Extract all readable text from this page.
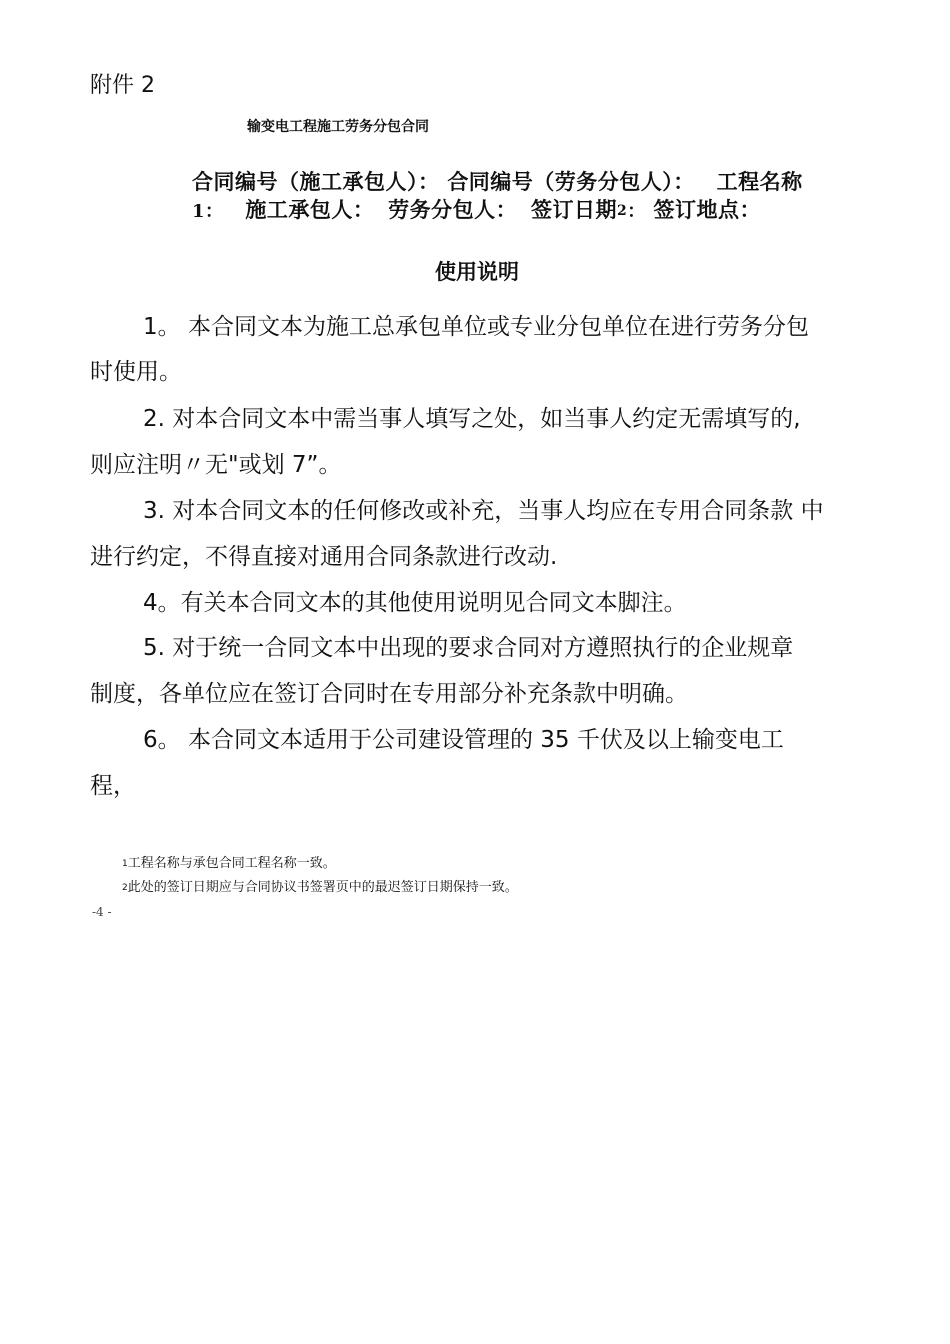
附件 2
输变电工程施工劳务分包合同
合同编号（施工承包人）： 合同编号（劳务分包人）： 工程名称
1： 施工承包人： 劳务分包人： 签订日期2： 签订地点：
使用说明
1。 本合同文本为施工总承包单位或专业分包单位在进行劳务分包
时使用。
2. 对本合同文本中需当事人填写之处，如当事人约定无需填写的,
则应注明〃无"或划 7”。
3. 对本合同文本的任何修改或补充，当事人均应在专用合同条款 中
进行约定，不得直接对通用合同条款进行改动.
4。有关本合同文本的其他使用说明见合同文本脚注。
5. 对于统一合同文本中出现的要求合同对方遵照执行的企业规章
制度，各单位应在签订合同时在专用部分补充条款中明确。
6。 本合同文本适用于公司建设管理的 35 千伏及以上输变电工
程，
1工程名称与承包合同工程名称一致。
2此处的签订日期应与合同协议书签署页中的最迟签订日期保持一致。
-4 -
